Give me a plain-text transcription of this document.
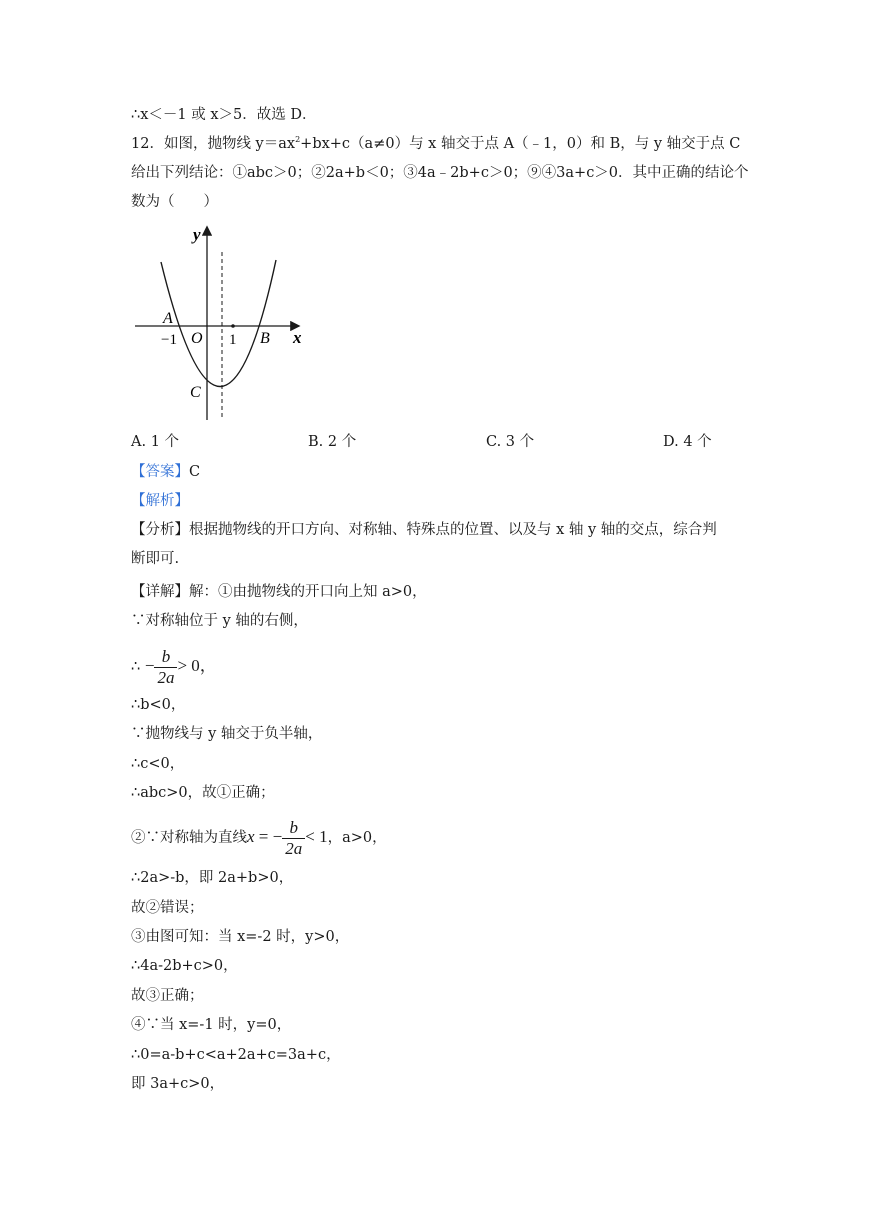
∴x＜－1 或 x＞5．故选 D．
12．如图，抛物线 $y=ax^2+bx+c(a\ne 0)$与 x 轴交于点 A（﹣1，0）和 B，与 y 轴交于点 C
给出下列结论：①abc＞0；②2a+b＜0；③4a﹣2b+c＞0；⑨④3a+c＞0．其中正确的结论个
数为（　　）
y
x
A
B
C
O
−1	1
A. 1 个	B. 2 个	C. 3 个	D. 4 个
【答案】C
【解析】
【分析】根据抛物线的开口方向、对称轴、特殊点的位置、以及与 x 轴 y 轴的交点，综合判
断即可.
【详解】解：①由抛物线的开口向上知 a>0，
∵对称轴位于 y 轴的右侧，
∴ − $\frac{b}{2a} > 0$，
∴b<0，
∵抛物线与 y 轴交于负半轴，
∴c<0，
∴abc>0，故①正确；
②∵对称轴为直线x = − $\frac{b}{2a} < 1$，a>0，
∴2a>-b，即 2a+b>0，
故②错误；
③由图可知：当 x=-2 时，y>0，
∴4a-2b+c>0，
故③正确；
④∵当 x=-1 时，y=0，
∴0=a-b+c<a+2a+c=3a+c，
即 3a+c>0，
